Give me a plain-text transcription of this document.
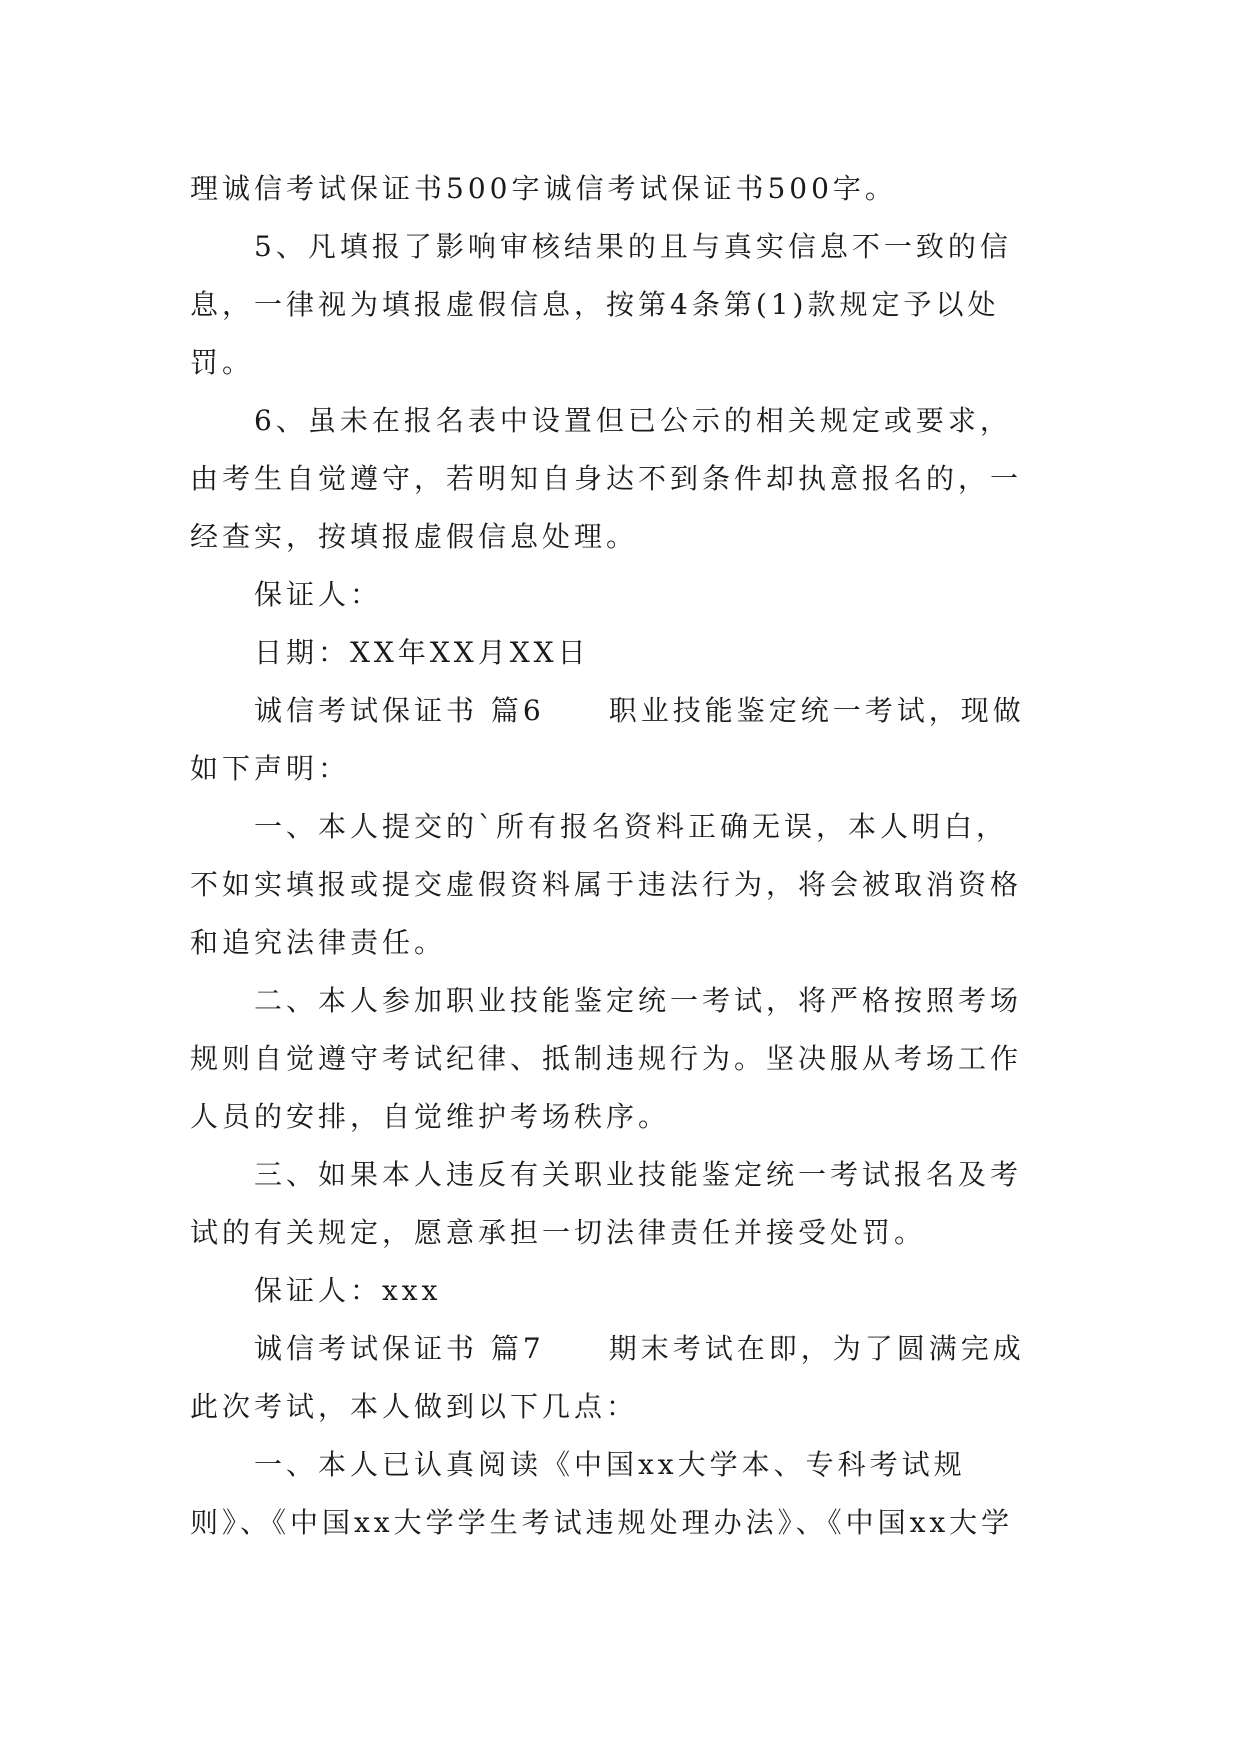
理诚信考试保证书500字诚信考试保证书500字。
5、凡填报了影响审核结果的且与真实信息不一致的信
息，一律视为填报虚假信息，按第4条第(1)款规定予以处
罚。
6、虽未在报名表中设置但已公示的相关规定或要求，
由考生自觉遵守，若明知自身达不到条件却执意报名的，一
经查实，按填报虚假信息处理。
保证人：
日期：XX年XX月XX日
诚信考试保证书 篇6　　职业技能鉴定统一考试，现做
如下声明：
一、本人提交的`所有报名资料正确无误，本人明白，
不如实填报或提交虚假资料属于违法行为，将会被取消资格
和追究法律责任。
二、本人参加职业技能鉴定统一考试，将严格按照考场
规则自觉遵守考试纪律、抵制违规行为。坚决服从考场工作
人员的安排，自觉维护考场秩序。
三、如果本人违反有关职业技能鉴定统一考试报名及考
试的有关规定，愿意承担一切法律责任并接受处罚。
保证人：xxx
诚信考试保证书 篇7　　期末考试在即，为了圆满完成
此次考试，本人做到以下几点：
一、本人已认真阅读《中国xx大学本、专科考试规
则》、《中国xx大学学生考试违规处理办法》、《中国xx大学
